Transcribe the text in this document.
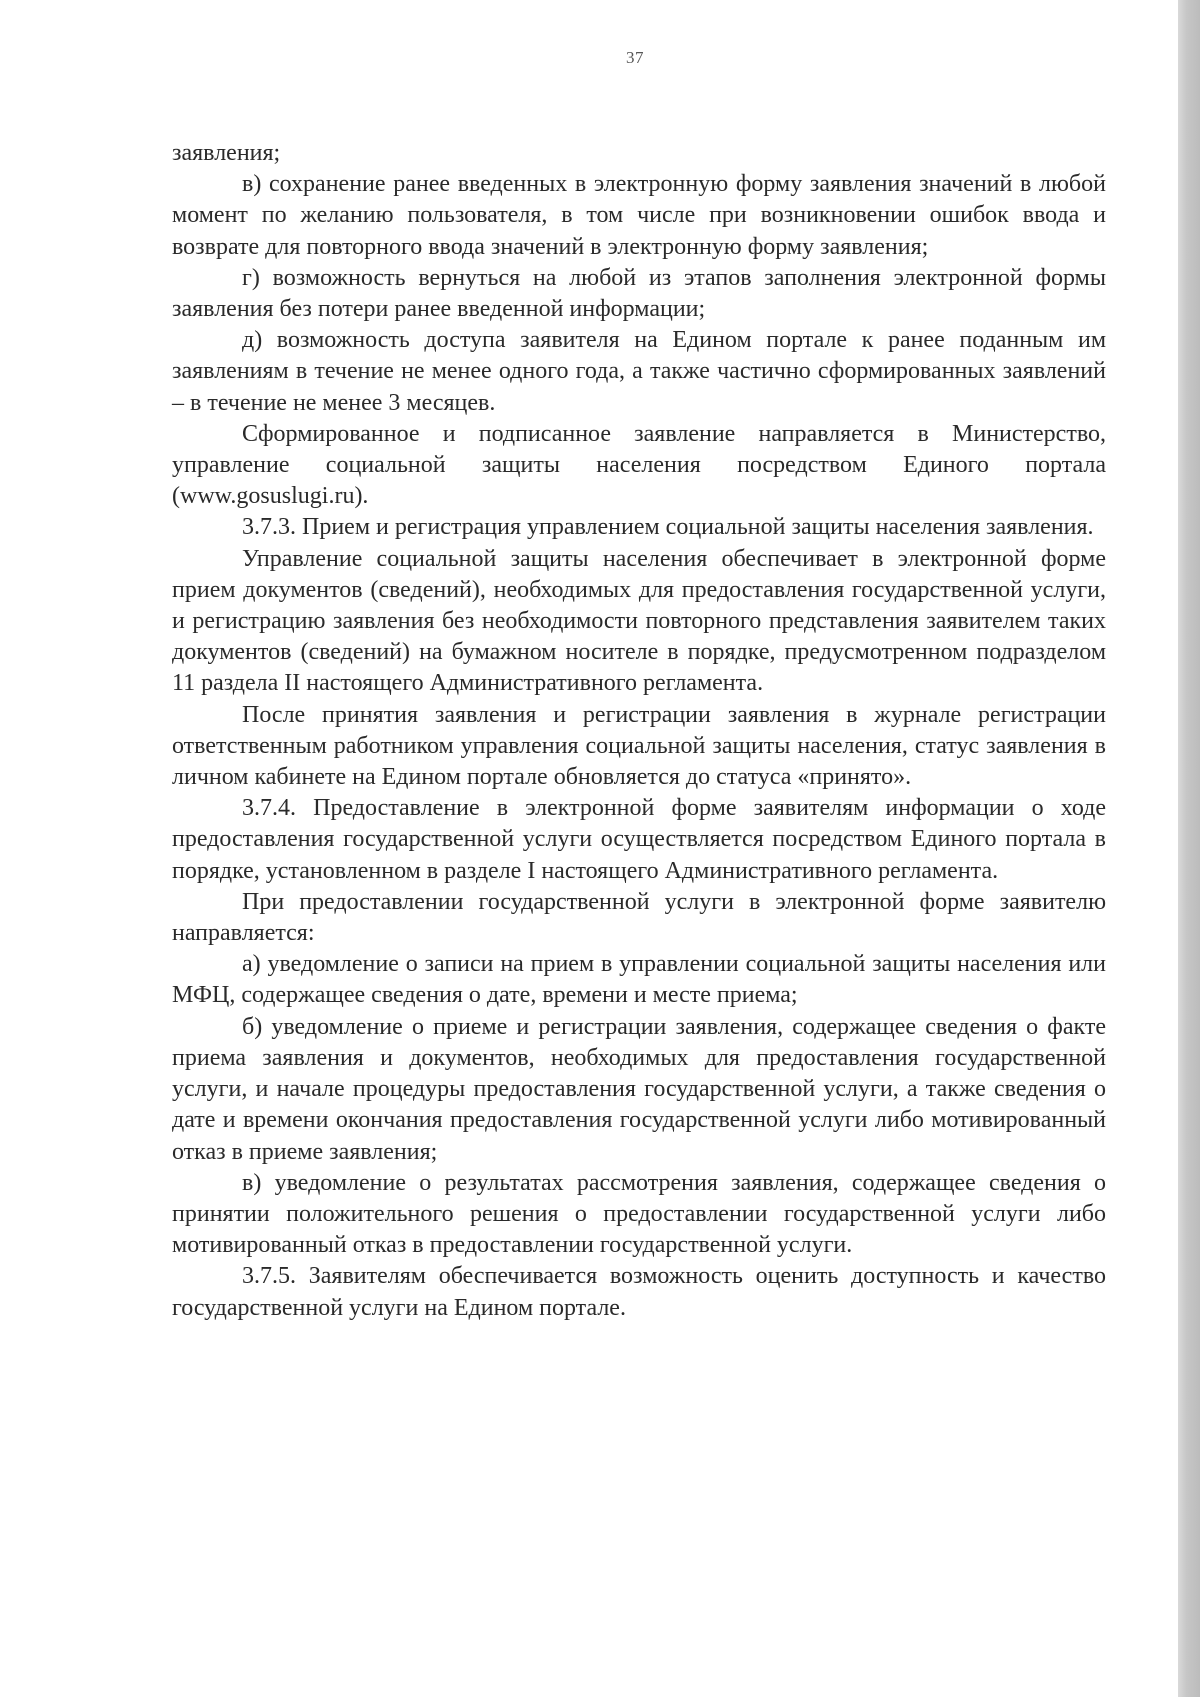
37

заявления;

в) сохранение ранее введенных в электронную форму заявления значений в любой момент по желанию пользователя, в том числе при возникновении ошибок ввода и возврате для повторного ввода значений в электронную форму заявления;

г) возможность вернуться на любой из этапов заполнения электронной формы заявления без потери ранее введенной информации;

д) возможность доступа заявителя на Едином портале к ранее поданным им заявлениям в течение не менее одного года, а также частично сформированных заявлений – в течение не менее 3 месяцев.

Сформированное и подписанное заявление направляется в Министерство, управление социальной защиты населения посредством Единого портала (www.gosuslugi.ru).

3.7.3. Прием и регистрация управлением социальной защиты населения заявления.

Управление социальной защиты населения обеспечивает в электронной форме прием документов (сведений), необходимых для предоставления государственной услуги, и регистрацию заявления без необходимости повторного представления заявителем таких документов (сведений) на бумажном носителе в порядке, предусмотренном подразделом 11 раздела II настоящего Административного регламента.

После принятия заявления и регистрации заявления в журнале регистрации ответственным работником управления социальной защиты населения, статус заявления в личном кабинете на Едином портале обновляется до статуса «принято».

3.7.4. Предоставление в электронной форме заявителям информации о ходе предоставления государственной услуги осуществляется посредством Единого портала в порядке, установленном в разделе I настоящего Административного регламента.

При предоставлении государственной услуги в электронной форме заявителю направляется:

а) уведомление о записи на прием в управлении социальной защиты населения или МФЦ, содержащее сведения о дате, времени и месте приема;

б) уведомление о приеме и регистрации заявления, содержащее сведения о факте приема заявления и документов, необходимых для предоставления государственной услуги, и начале процедуры предоставления государственной услуги, а также сведения о дате и времени окончания предоставления государственной услуги либо мотивированный отказ в приеме заявления;

в) уведомление о результатах рассмотрения заявления, содержащее сведения о принятии положительного решения о предоставлении государственной услуги либо мотивированный отказ в предоставлении государственной услуги.

3.7.5. Заявителям обеспечивается возможность оценить доступность и качество государственной услуги на Едином портале.
